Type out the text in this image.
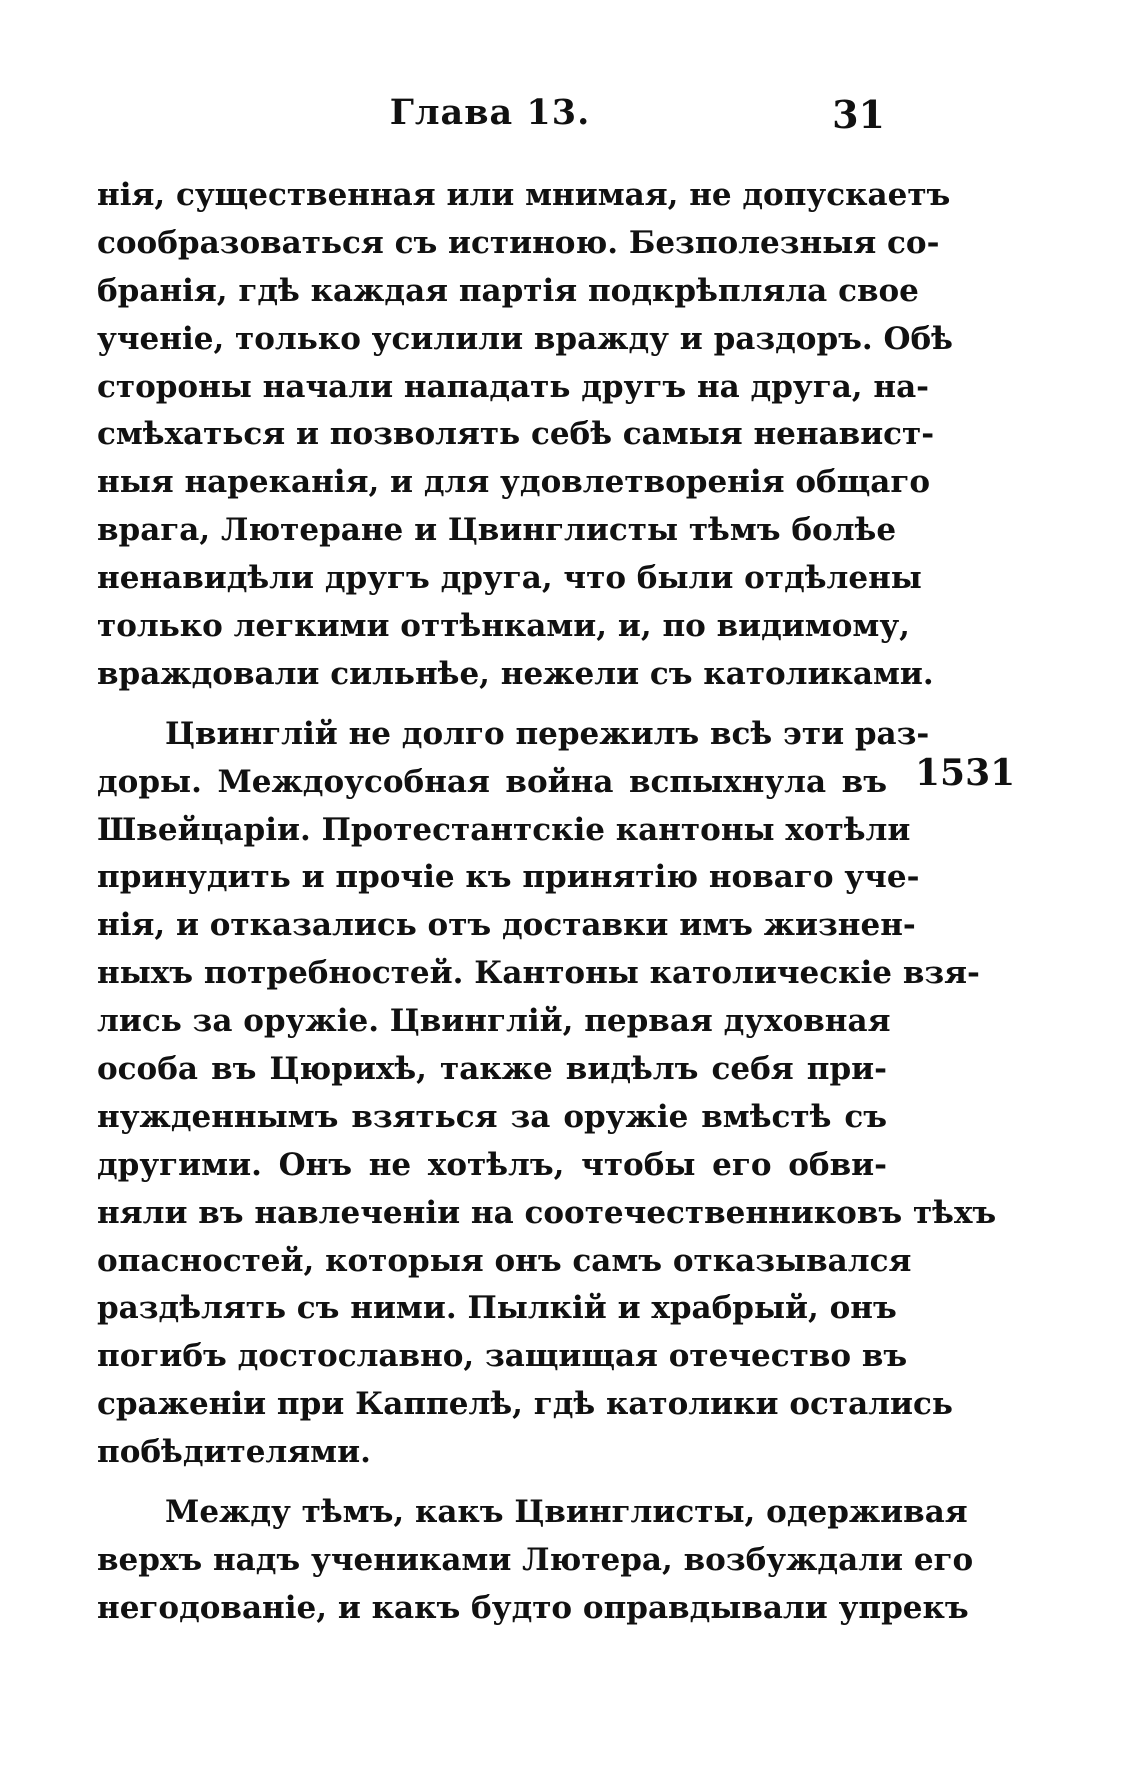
Глава 13.	31
нія, существенная или мнимая, не допускаетъ
сообразоваться съ истиною. Безполезныя со-
бранія, гдѣ каждая партія подкрѣпляла свое
ученіе, только усилили вражду и раздоръ. Обѣ
стороны начали нападать другъ на друга, на-
смѣхаться и позволять себѣ самыя ненавист-
ныя нареканія, и для удовлетворенія общаго
врага, Лютеране и Цвинглисты тѣмъ болѣе
ненавидѣли другъ друга, что были отдѣлены
только легкими оттѣнками, и, по видимому,
враждовали сильнѣе, нежели съ католиками.
Цвинглій не долго пережилъ всѣ эти раз-
доры. Междоусобная война вспыхнула въ
Швейцаріи. Протестантскіе кантоны хотѣли
принудить и прочіе къ принятію новаго уче-
нія, и отказались отъ доставки имъ жизнен-
ныхъ потребностей. Кантоны католическіе взя-
лись за оружіе. Цвинглій, первая духовная
особа въ Цюрихѣ, также видѣлъ себя при-
нужденнымъ взяться за оружіе вмѣстѣ съ
другими. Онъ не хотѣлъ, чтобы его обви-
няли въ навлеченіи на соотечественниковъ тѣхъ
опасностей, которыя онъ самъ отказывался
раздѣлять съ ними. Пылкій и храбрый, онъ
погибъ достославно, защищая отечество въ
сраженіи при Каппелѣ, гдѣ католики остались
побѣдителями.
Между тѣмъ, какъ Цвинглисты, одерживая
верхъ надъ учениками Лютера, возбуждали его
негодованіе, и какъ будто оправдывали упрекъ
1531
